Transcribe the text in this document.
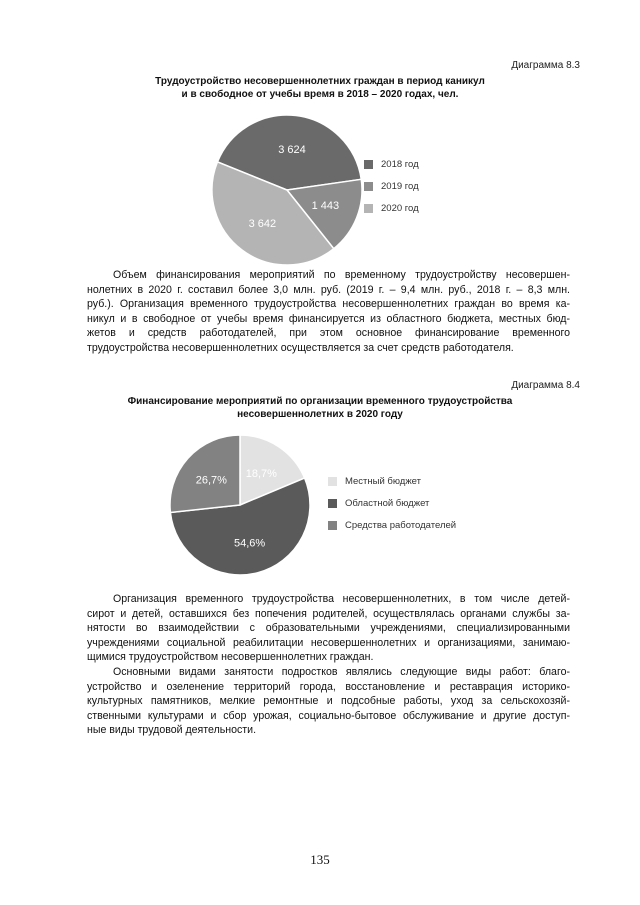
Диаграмма 8.3
Трудоустройство несовершеннолетних граждан в период каникул
и в свободное от учебы время в 2018 – 2020 годах, чел.
3 624
1 443
3 642
2018 год
2019 год
2020 год

Объем финансирования мероприятий по временному трудоустройству несовершен-
нолетних в 2020 г. составил более 3,0 млн. руб. (2019 г. – 9,4 млн. руб., 2018 г. – 8,3 млн.
руб.). Организация временного трудоустройства несовершеннолетних граждан во время ка-
никул и в свободное от учебы время финансируется из областного бюджета, местных бюд-
жетов и средств работодателей, при этом основное финансирование временного
трудоустройства несовершеннолетних осуществляется за счет средств работодателя.

Диаграмма 8.4
Финансирование мероприятий по организации временного трудоустройства
несовершеннолетних в 2020 году
18,7%
54,6%
26,7%	Местный бюджет
Областной бюджет
Средства работодателей

Организация временного трудоустройства несовершеннолетних, в том числе детей-
сирот и детей, оставшихся без попечения родителей, осуществлялась органами службы за-
нятости во взаимодействии с образовательными учреждениями, специализированными
учреждениями социальной реабилитации несовершеннолетних и организациями, занимаю-
щимися трудоустройством несовершеннолетних граждан.

Основными видами занятости подростков являлись следующие виды работ: благо-
устройство и озеленение территорий города, восстановление и реставрация историко-
культурных памятников, мелкие ремонтные и подсобные работы, уход за сельскохозяй-
ственными культурами и сбор урожая, социально-бытовое обслуживание и другие доступ-
ные виды трудовой деятельности.

135
